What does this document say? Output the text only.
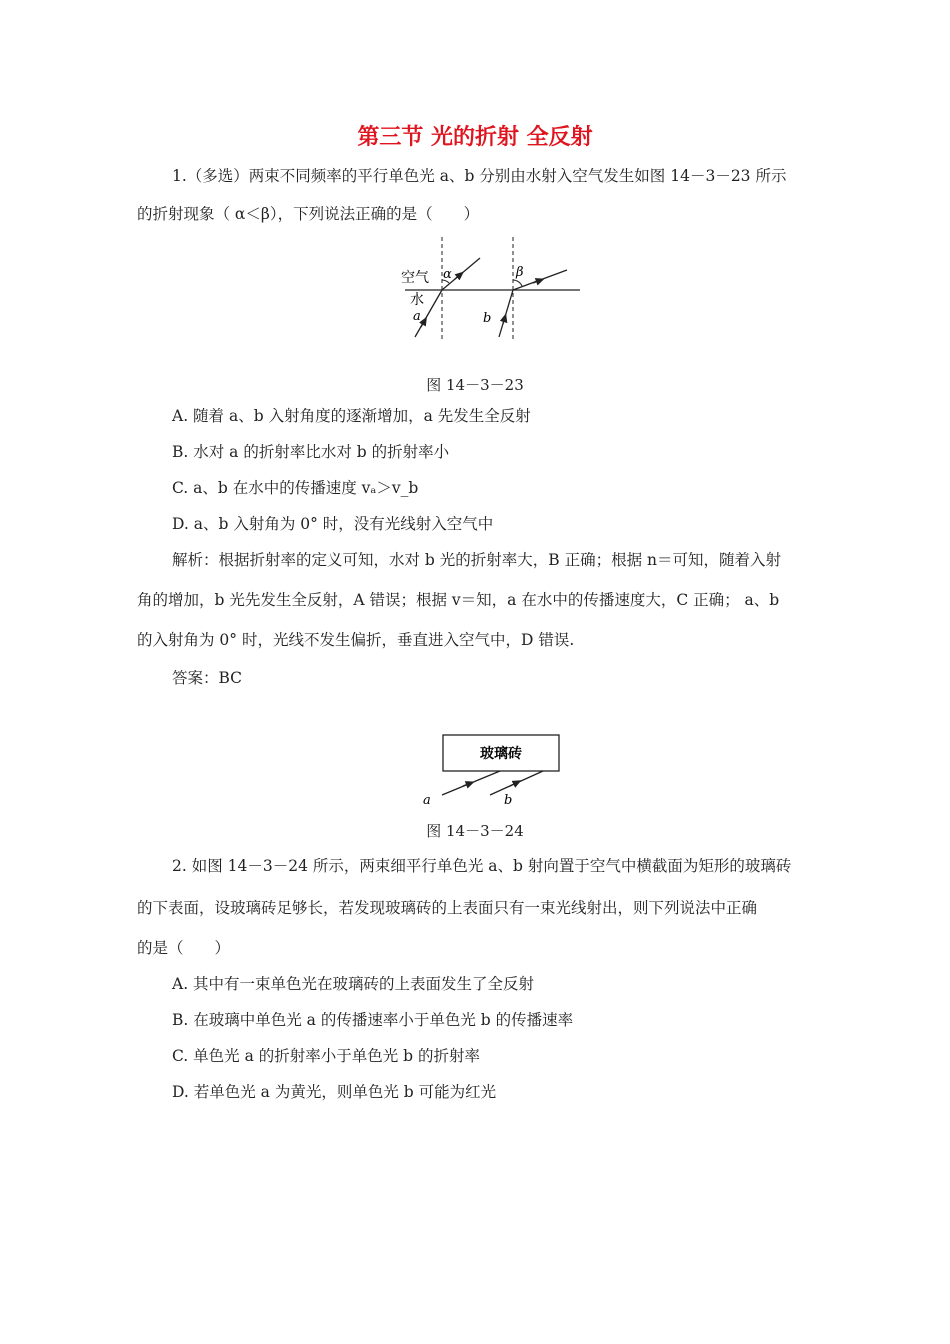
第三节 光的折射 全反射
1.（多选）两束不同频率的平行单色光 a、b 分别由水射入空气发生如图 14－3－23 所示
的折射现象（ α＜β），下列说法正确的是（　　）
空气
水
α	β
a	b
图 14－3－23
A. 随着 a、b 入射角度的逐渐增加，a 先发生全反射
B. 水对 a 的折射率比水对 b 的折射率小
C. a、b 在水中的传播速度 vₐ＞v_b
D. a、b 入射角为 0° 时，没有光线射入空气中
解析：根据折射率的定义可知，水对 b 光的折射率大，B 正确；根据 n＝可知，随着入射
角的增加，b 光先发生全反射，A 错误；根据 v＝知，a 在水中的传播速度大，C 正确； a、b
的入射角为 0° 时，光线不发生偏折，垂直进入空气中，D 错误.
答案：BC
玻璃砖
a	b
图 14－3－24
2. 如图 14－3－24 所示，两束细平行单色光 a、b 射向置于空气中横截面为矩形的玻璃砖
的下表面，设玻璃砖足够长，若发现玻璃砖的上表面只有一束光线射出，则下列说法中正确
的是（　　）
A. 其中有一束单色光在玻璃砖的上表面发生了全反射
B. 在玻璃中单色光 a 的传播速率小于单色光 b 的传播速率
C. 单色光 a 的折射率小于单色光 b 的折射率
D. 若单色光 a 为黄光，则单色光 b 可能为红光
